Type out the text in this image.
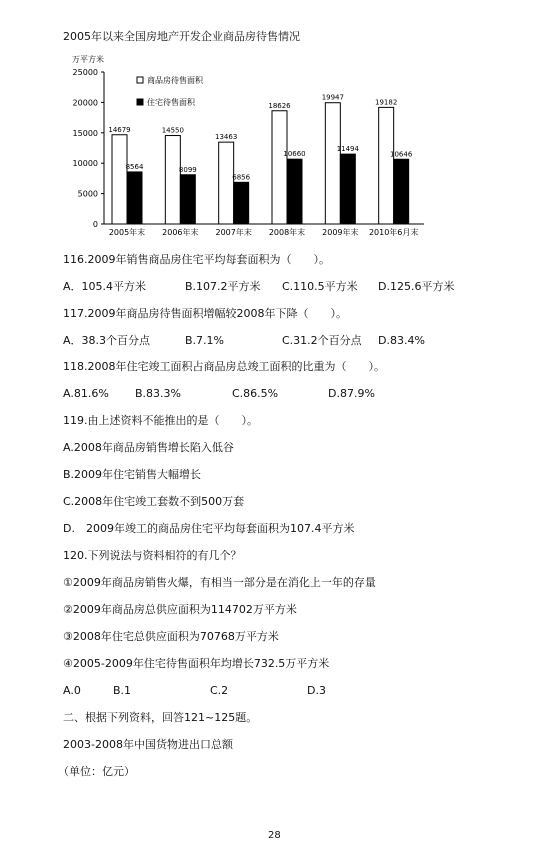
2005年以来全国房地产开发企业商品房待售情况
万平方米
0
5000
10000
15000
20000
25000
14679
8564
2005年末
14550
8099
2006年末
13463
6856
2007年末
18626
10660
2008年末
19947
11494
2009年末
19182
10646
2010年6月末
商品房待售面积
住宅待售面积
116.2009年销售商品房住宅平均每套面积为（　　）。
A．105.4平方米	B.107.2平方米 C.110.5平方米 D.125.6平方米
117.2009年商品房待售面积增幅较2008年下降（　　）。
A．38.3个百分点	B.7.1%	C.31.2个百分点 D.83.4%
118.2008年住宅竣工面积占商品房总竣工面积的比重为（　　）。
A.81.6% B.83.3%	C.86.5%	D.87.9%
119.由上述资料不能推出的是（　　）。
A.2008年商品房销售增长陷入低谷
B.2009年住宅销售大幅增长
C.2008年住宅竣工套数不到500万套
D.　2009年竣工的商品房住宅平均每套面积为107.4平方米
120.下列说法与资料相符的有几个？
①2009年商品房销售火爆，有相当一部分是在消化上一年的存量
②2009年商品房总供应面积为114702万平方米
③2008年住宅总供应面积为70768万平方米
④2005-2009年住宅待售面积年均增长732.5万平方米
A.0	B.1	C.2	D.3
二、根据下列资料，回答121~125题。
2003-2008年中国货物进出口总额
（单位：亿元）
28
